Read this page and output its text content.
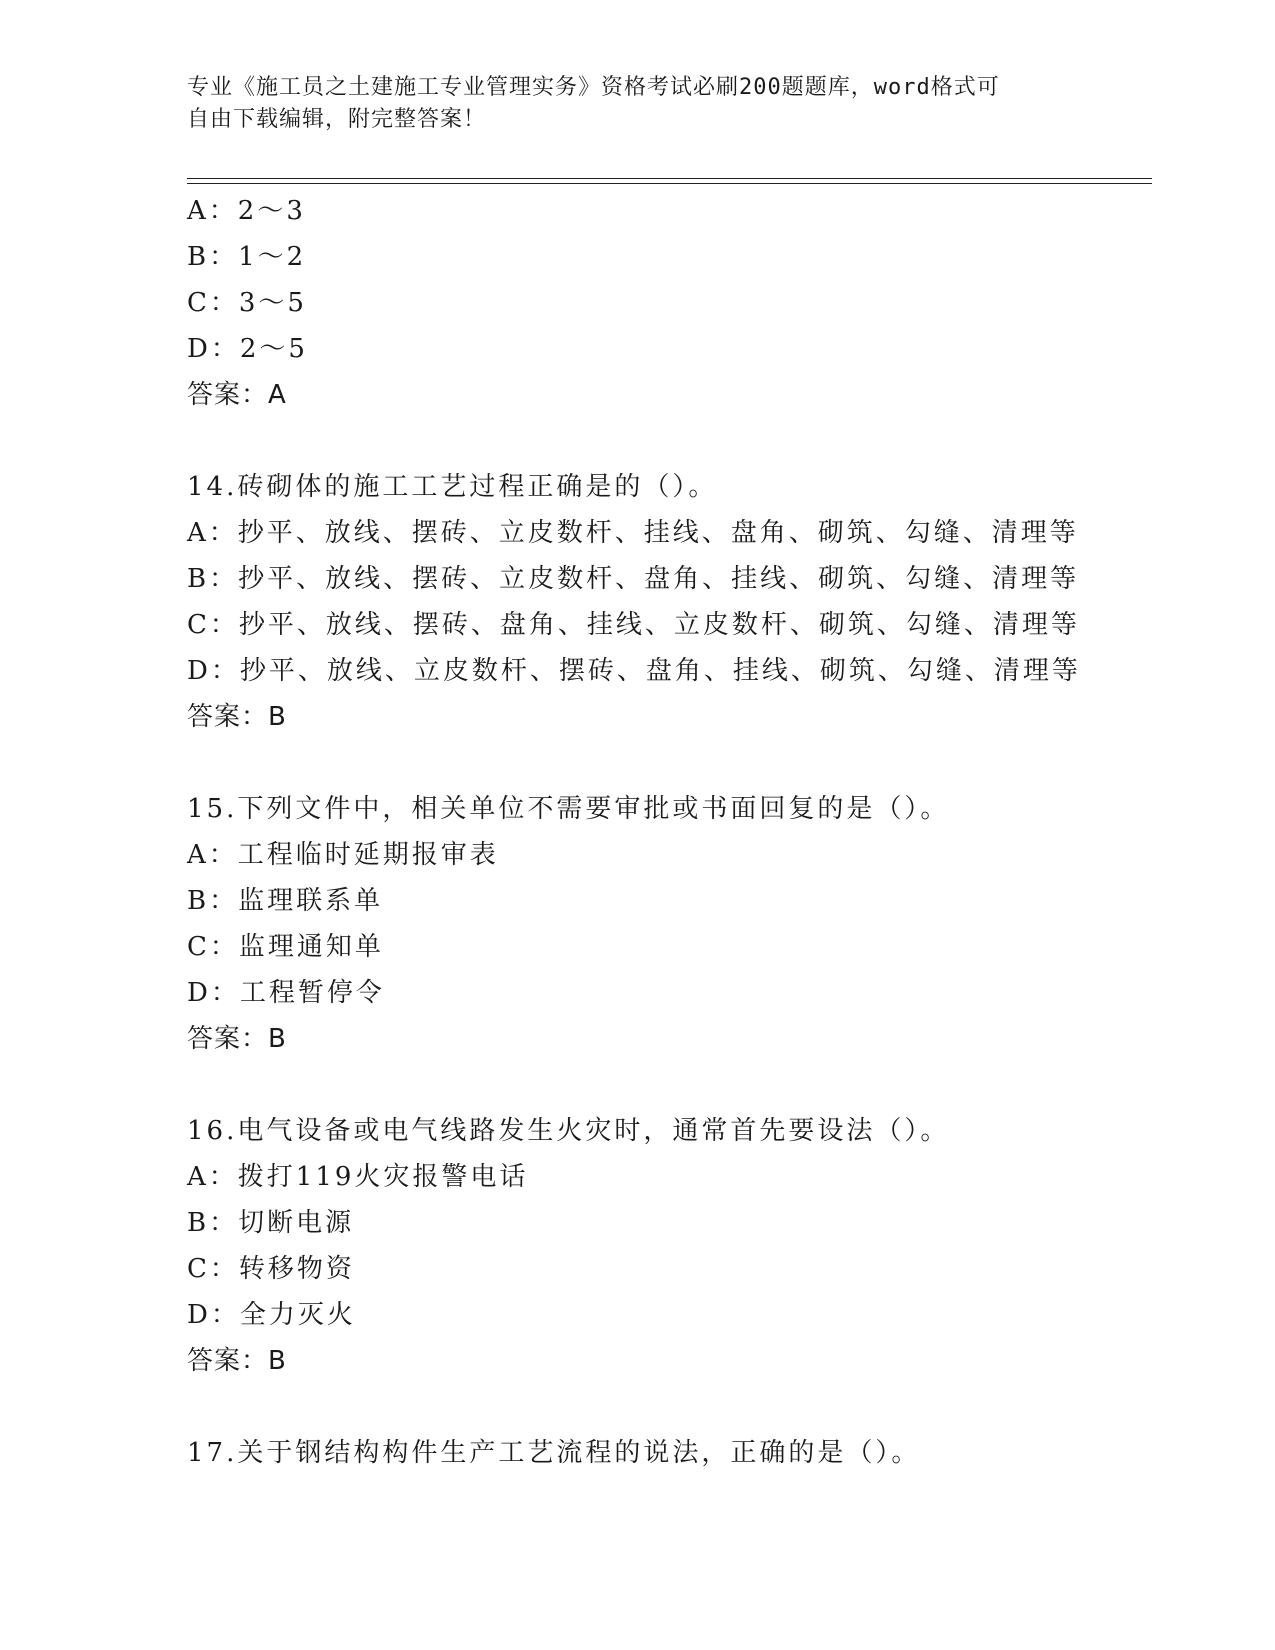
专业《施工员之土建施工专业管理实务》资格考试必刷200题题库，word格式可
自由下载编辑，附完整答案！
A：2～3
B：1～2
C：3～5
D：2～5
答案：A
14.砖砌体的施工工艺过程正确是的（）。
A：抄平、放线、摆砖、立皮数杆、挂线、盘角、砌筑、勾缝、清理等
B：抄平、放线、摆砖、立皮数杆、盘角、挂线、砌筑、勾缝、清理等
C：抄平、放线、摆砖、盘角、挂线、立皮数杆、砌筑、勾缝、清理等
D：抄平、放线、立皮数杆、摆砖、盘角、挂线、砌筑、勾缝、清理等
答案：B
15.下列文件中，相关单位不需要审批或书面回复的是（）。
A：工程临时延期报审表
B：监理联系单
C：监理通知单
D：工程暂停令
答案：B
16.电气设备或电气线路发生火灾时，通常首先要设法（）。
A：拨打119火灾报警电话
B：切断电源
C：转移物资
D：全力灭火
答案：B
17.关于钢结构构件生产工艺流程的说法，正确的是（）。
